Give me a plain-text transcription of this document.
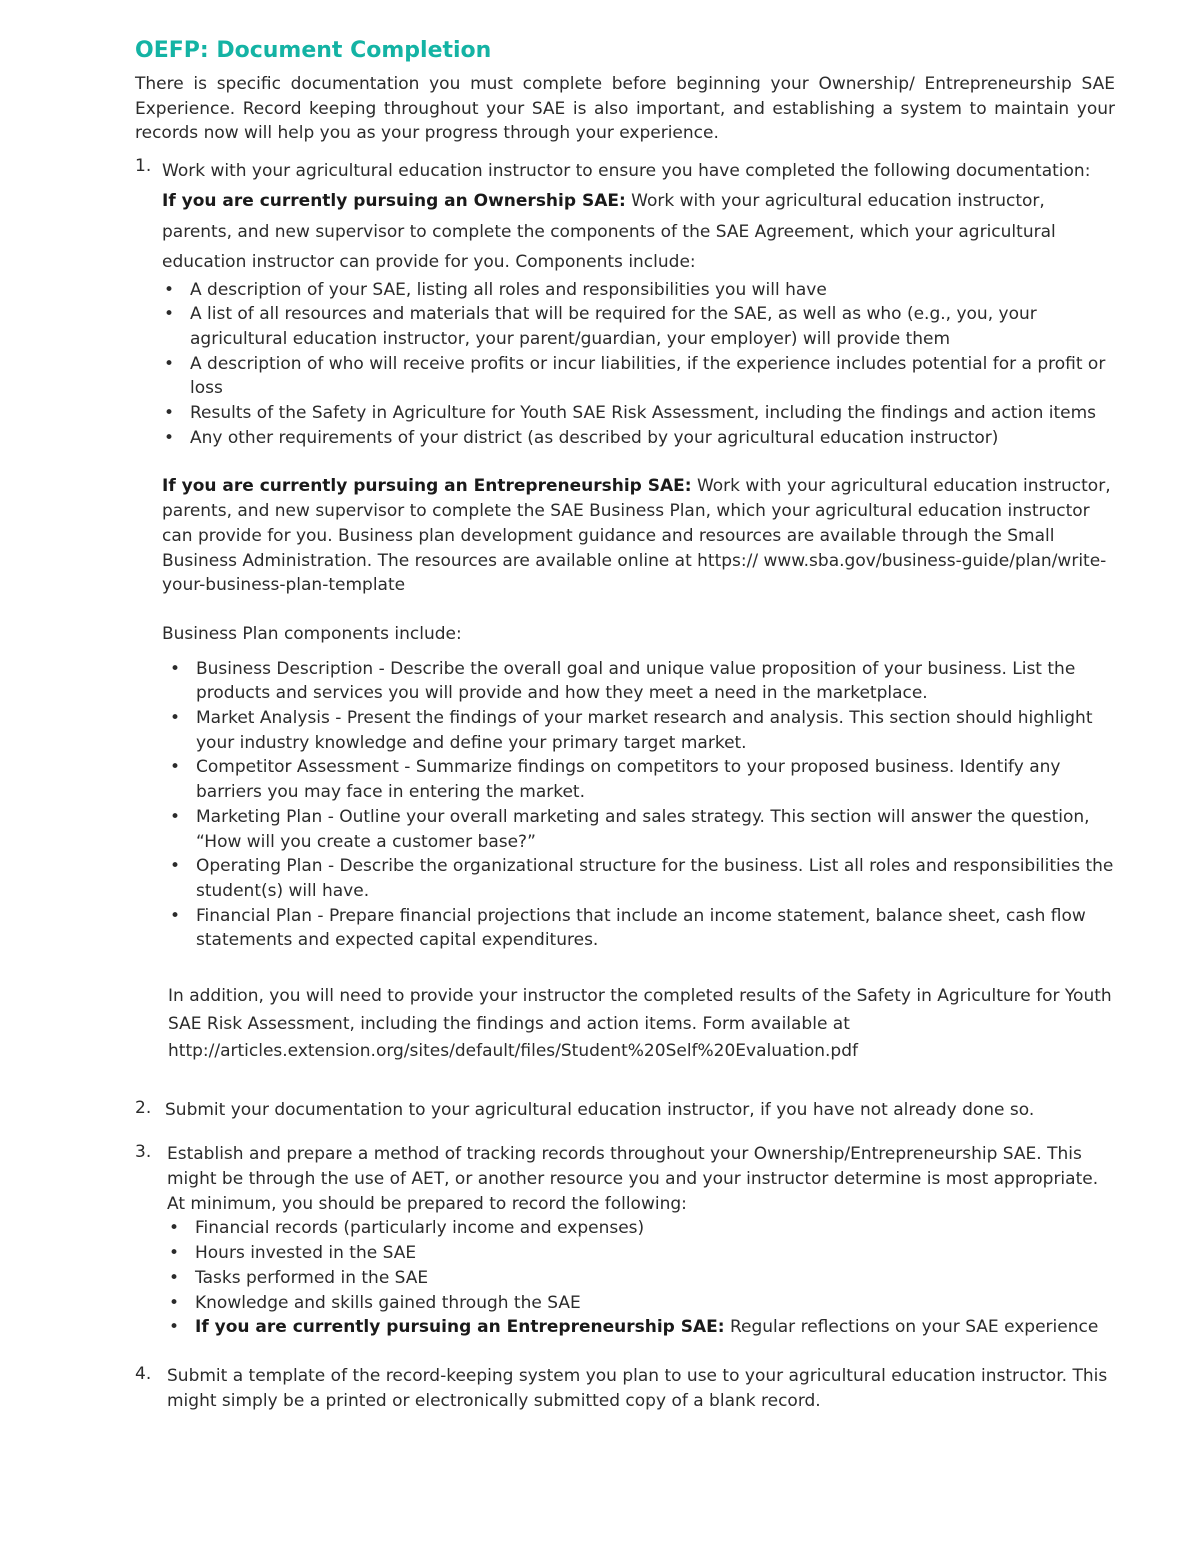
OEFP: Document Completion

There is specific documentation you must complete before beginning your Ownership/ Entrepreneurship SAE Experience. Record keeping throughout your SAE is also important, and establishing a system to maintain your records now will help you as your progress through your experience.

1. Work with your agricultural education instructor to ensure you have completed the following documentation:
If you are currently pursuing an Ownership SAE: Work with your agricultural education instructor, parents, and new supervisor to complete the components of the SAE Agreement, which your agricultural education instructor can provide for you. Components include:
• A description of your SAE, listing all roles and responsibilities you will have
• A list of all resources and materials that will be required for the SAE, as well as who (e.g., you, your agricultural education instructor, your parent/guardian, your employer) will provide them
• A description of who will receive profits or incur liabilities, if the experience includes potential for a profit or loss
• Results of the Safety in Agriculture for Youth SAE Risk Assessment, including the findings and action items
• Any other requirements of your district (as described by your agricultural education instructor)
If you are currently pursuing an Entrepreneurship SAE: Work with your agricultural education instructor, parents, and new supervisor to complete the SAE Business Plan, which your agricultural education instructor can provide for you. Business plan development guidance and resources are available through the Small Business Administration. The resources are available online at https:// www.sba.gov/business-guide/plan/write-your-business-plan-template
Business Plan components include:
• Business Description - Describe the overall goal and unique value proposition of your business. List the products and services you will provide and how they meet a need in the marketplace.
• Market Analysis - Present the findings of your market research and analysis. This section should highlight your industry knowledge and define your primary target market.
• Competitor Assessment - Summarize findings on competitors to your proposed business. Identify any barriers you may face in entering the market.
• Marketing Plan - Outline your overall marketing and sales strategy. This section will answer the question, “How will you create a customer base?”
• Operating Plan - Describe the organizational structure for the business. List all roles and responsibilities the student(s) will have.
• Financial Plan - Prepare financial projections that include an income statement, balance sheet, cash flow statements and expected capital expenditures.
In addition, you will need to provide your instructor the completed results of the Safety in Agriculture for Youth SAE Risk Assessment, including the findings and action items. Form available at http://articles.extension.org/sites/default/files/Student%20Self%20Evaluation.pdf
2. Submit your documentation to your agricultural education instructor, if you have not already done so.
3. Establish and prepare a method of tracking records throughout your Ownership/Entrepreneurship SAE. This might be through the use of AET, or another resource you and your instructor determine is most appropriate. At minimum, you should be prepared to record the following:
• Financial records (particularly income and expenses)
• Hours invested in the SAE
• Tasks performed in the SAE
• Knowledge and skills gained through the SAE
• If you are currently pursuing an Entrepreneurship SAE: Regular reflections on your SAE experience
4. Submit a template of the record-keeping system you plan to use to your agricultural education instructor. This might simply be a printed or electronically submitted copy of a blank record.
